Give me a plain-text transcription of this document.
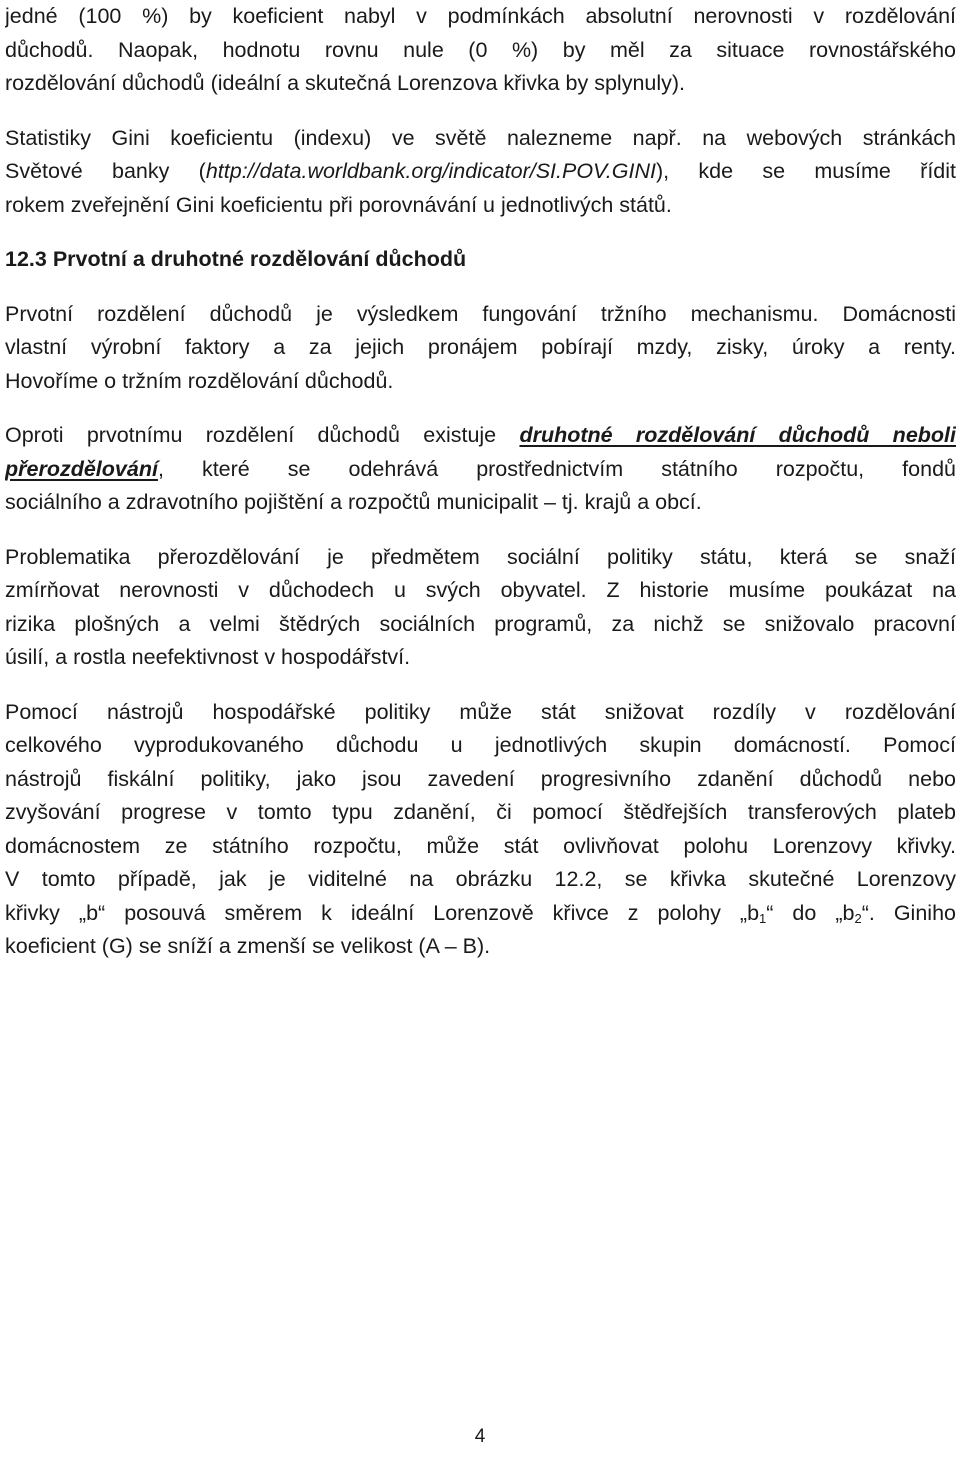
jedné (100 %) by koeficient nabyl v podmínkách absolutní nerovnosti v rozdělování
důchodů. Naopak, hodnotu rovnu nule (0 %) by měl za situace rovnostářského
rozdělování důchodů (ideální a skutečná Lorenzova křivka by splynuly).
Statistiky Gini koeficientu (indexu) ve světě nalezneme např. na webových stránkách
Světové banky (http://data.worldbank.org/indicator/SI.POV.GINI), kde se musíme řídit
rokem zveřejnění Gini koeficientu při porovnávání u jednotlivých států.
12.3 Prvotní a druhotné rozdělování důchodů
Prvotní rozdělení důchodů je výsledkem fungování tržního mechanismu. Domácnosti
vlastní výrobní faktory a za jejich pronájem pobírají mzdy, zisky, úroky a renty.
Hovoříme o tržním rozdělování důchodů.
Oproti prvotnímu rozdělení důchodů existuje druhotné rozdělování důchodů neboli
přerozdělování, které se odehrává prostřednictvím státního rozpočtu, fondů
sociálního a zdravotního pojištění a rozpočtů municipalit – tj. krajů a obcí.
Problematika přerozdělování je předmětem sociální politiky státu, která se snaží
zmírňovat nerovnosti v důchodech u svých obyvatel. Z historie musíme poukázat na
rizika plošných a velmi štědrých sociálních programů, za nichž se snižovalo pracovní
úsilí, a rostla neefektivnost v hospodářství.
Pomocí nástrojů hospodářské politiky může stát snižovat rozdíly v rozdělování
celkového vyprodukovaného důchodu u jednotlivých skupin domácností. Pomocí
nástrojů fiskální politiky, jako jsou zavedení progresivního zdanění důchodů nebo
zvyšování progrese v tomto typu zdanění, či pomocí štědřejších transferových plateb
domácnostem ze státního rozpočtu, může stát ovlivňovat polohu Lorenzovy křivky.
V tomto případě, jak je viditelné na obrázku 12.2, se křivka skutečné Lorenzovy
křivky „b“ posouvá směrem k ideální Lorenzově křivce z polohy $„b_1“$ do $„b_2“$. Giniho
koeficient (G) se sníží a zmenší se velikost (A – B).
4
